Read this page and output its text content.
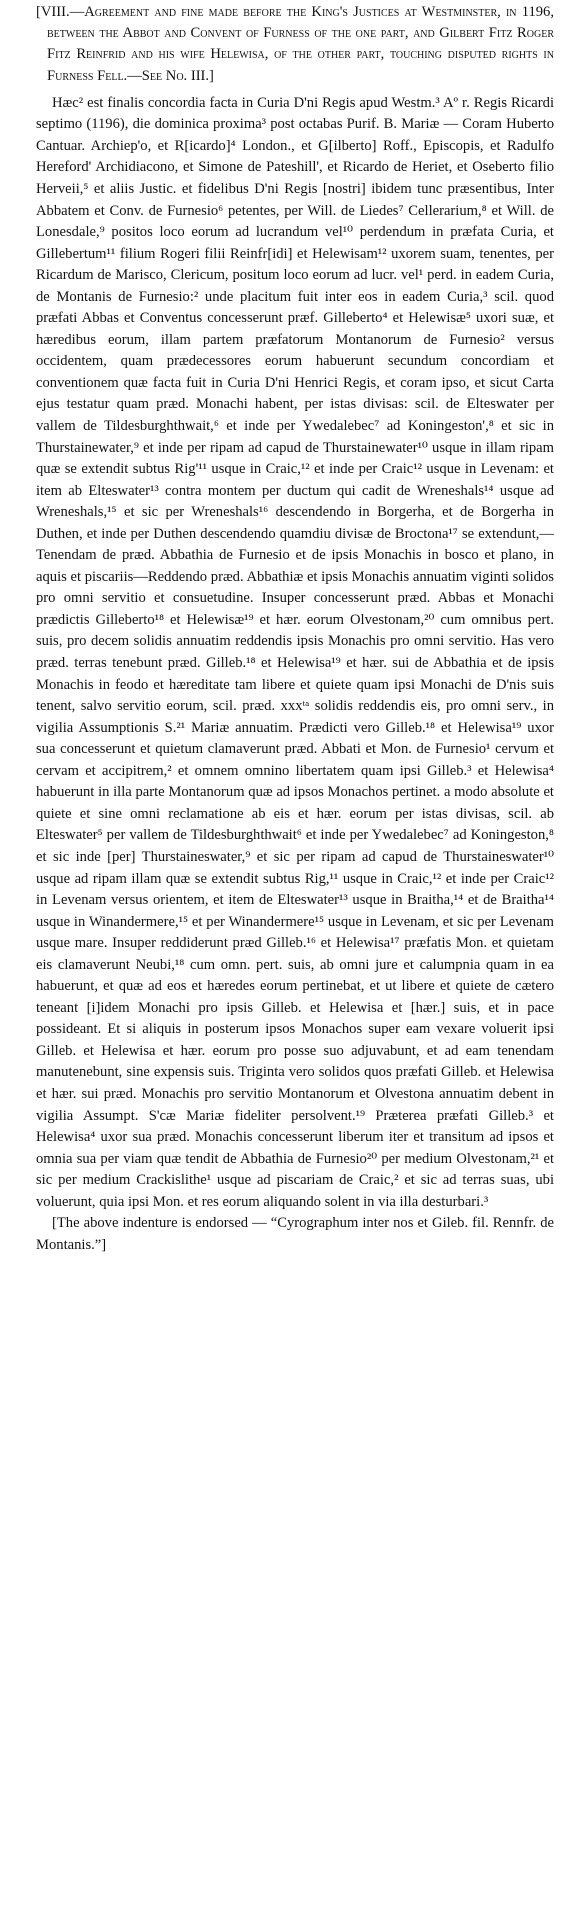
[VIII.—Agreement and fine made before the King's Justices at Westminster, in 1196, between the Abbot and Convent of Furness of the one part, and Gilbert Fitz Roger Fitz Reinfrid and his wife Helewisa, of the other part, touching disputed rights in Furness Fell.—See No. III.]

Hæc² est finalis concordia facta in Curia D'ni Regis apud Westm.³ Aº r. Regis Ricardi septimo (1196), die dominica proxima³ post octabas Purif. B. Mariæ — Coram Huberto Cantuar. Archiep'o, et R[icardo]⁴ London., et G[ilberto] Roff., Episcopis, et Radulfo Hereford' Archidiacono, et Simone de Pateshill', et Ricardo de Heriet, et Oseberto filio Herveii,⁵ et aliis Justic. et fidelibus D'ni Regis [nostri] ibidem tunc præsentibus, Inter Abbatem et Conv. de Furnesio⁶ petentes, per Will. de Liedes⁷ Cellerarium,⁸ et Will. de Lonesdale,⁹ positos loco eorum ad lucrandum vel¹⁰ perdendum in præfata Curia, et Gillebertum¹¹ filium Rogeri filii Reinfr[idi] et Helewisam¹² uxorem suam, tenentes, per Ricardum de Marisco, Clericum, positum loco eorum ad lucr. vel¹ perd. in eadem Curia, de Montanis de Furnesio:² unde placitum fuit inter eos in eadem Curia,³ scil. quod præfati Abbas et Conventus concesserunt præf. Gilleberto⁴ et Helewisæ⁵ uxori suæ, et hæredibus eorum, illam partem præfatorum Montanorum de Furnesio² versus occidentem, quam prædecessores eorum habuerunt secundum concordiam et conventionem quæ facta fuit in Curia D'ni Henrici Regis, et coram ipso, et sicut Carta ejus testatur quam præd. Monachi habent, per istas divisas: scil. de Elteswater per vallem de Tildesburghthwait,⁶ et inde per Ywedalebec⁷ ad Koningeston',⁸ et sic in Thurstainewater,⁹ et inde per ripam ad capud de Thurstainewater¹⁰ usque in illam ripam quæ se extendit subtus Rig'¹¹ usque in Craic,¹² et inde per Craic¹² usque in Levenam: et item ab Elteswater¹³ contra montem per ductum qui cadit de Wreneshals¹⁴ usque ad Wreneshals,¹⁵ et sic per Wreneshals¹⁶ descendendo in Borgerha, et de Borgerha in Duthen, et inde per Duthen descendendo quamdiu divisæ de Broctona¹⁷ se extendunt,— Tenendam de præd. Abbathia de Furnesio et de ipsis Monachis in bosco et plano, in aquis et piscariis—Reddendo præd. Abbathiæ et ipsis Monachis annuatim viginti solidos pro omni servitio et consuetudine. Insuper concesserunt præd. Abbas et Monachi prædictis Gilleberto¹⁸ et Helewisæ¹⁹ et hær. eorum Olvestonam,²⁰ cum omnibus pert. suis, pro decem solidis annuatim reddendis ipsis Monachis pro omni servitio. Has vero præd. terras tenebunt præd. Gilleb.¹⁸ et Helewisa¹⁹ et hær. sui de Abbathia et de ipsis Monachis in feodo et hæreditate tam libere et quiete quam ipsi Monachi de D'nis suis tenent, salvo servitio eorum, scil. præd. xxxᵗᵃ solidis reddendis eis, pro omni serv., in vigilia Assumptionis S.²¹ Mariæ annuatim. Prædicti vero Gilleb.¹⁸ et Helewisa¹⁹ uxor sua concesserunt et quietum clamaverunt præd. Abbati et Mon. de Furnesio¹ cervum et cervam et accipitrem,² et omnem omnino libertatem quam ipsi Gilleb.³ et Helewisa⁴ habuerunt in illa parte Montanorum quæ ad ipsos Monachos pertinet. a modo absolute et quiete et sine omni reclamatione ab eis et hær. eorum per istas divisas, scil. ab Elteswater⁵ per vallem de Tildesburghthwait⁶ et inde per Ywedalebec⁷ ad Koningeston,⁸ et sic inde [per] Thurstaineswater,⁹ et sic per ripam ad capud de Thurstaineswater¹⁰ usque ad ripam illam quæ se extendit subtus Rig,¹¹ usque in Craic,¹² et inde per Craic¹² in Levenam versus orientem, et item de Elteswater¹³ usque in Braitha,¹⁴ et de Braitha¹⁴ usque in Winandermere,¹⁵ et per Winandermere¹⁵ usque in Levenam, et sic per Levenam usque mare. Insuper reddiderunt præd Gilleb.¹⁶ et Helewisa¹⁷ præfatis Mon. et quietam eis clamaverunt Neubi,¹⁸ cum omn. pert. suis, ab omni jure et calumpnia quam in ea habuerunt, et quæ ad eos et hæredes eorum pertinebat, et ut libere et quiete de cætero teneant [i]idem Monachi pro ipsis Gilleb. et Helewisa et [hær.] suis, et in pace possideant. Et si aliquis in posterum ipsos Monachos super eam vexare voluerit ipsi Gilleb. et Helewisa et hær. eorum pro posse suo adjuvabunt, et ad eam tenendam manutenebunt, sine expensis suis. Triginta vero solidos quos præfati Gilleb. et Helewisa et hær. sui præd. Monachis pro servitio Montanorum et Olvestona annuatim debent in vigilia Assumpt. S'cæ Mariæ fideliter persolvent.¹⁹ Præterea præfati Gilleb.³ et Helewisa⁴ uxor sua præd. Monachis concesserunt liberum iter et transitum ad ipsos et omnia sua per viam quæ tendit de Abbathia de Furnesio²⁰ per medium Olvestonam,²¹ et sic per medium Crackislithe¹ usque ad piscariam de Craic,² et sic ad terras suas, ubi voluerunt, quia ipsi Mon. et res eorum aliquando solent in via illa desturbari.³

[The above indenture is endorsed — “Cyrographum inter nos et Gileb. fil. Rennfr. de Montanis.”]
